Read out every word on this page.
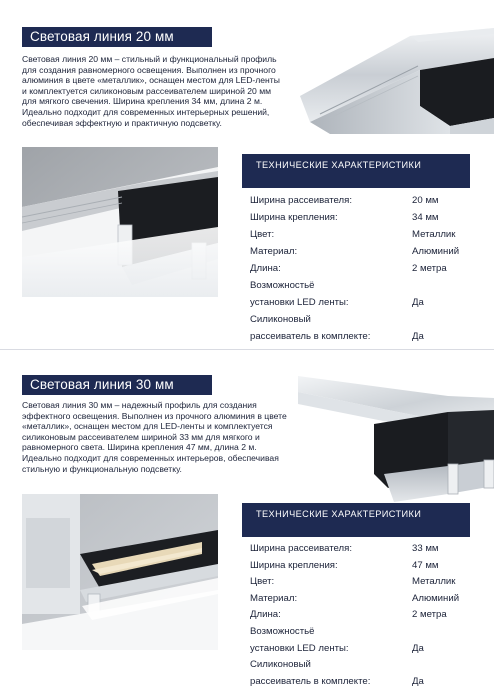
Световая линия 20 мм
Световая линия 20 мм – стильный и функциональный профиль для создания равномерного освещения. Выполнен из прочного алюминия в цвете «металлик», оснащен местом для LED-ленты и комплектуется силиконовым рассеивателем шириной 20 мм для мягкого свечения. Ширина крепления 34 мм, длина 2 м. Идеально подходит для современных интерьерных решений, обеспечивая эффектную и практичную подсветку.
ТЕХНИЧЕСКИЕ ХАРАКТЕРИСТИКИ
Ширина рассеивателя:	20 мм
Ширина крепления:	34 мм
Цвет:	Металлик
Материал:	Алюминий
Длина:	2 метра
Возможностьё
установки LED ленты:	Да
Силиконовый
рассеиватель в комплекте:	Да
Световая линия 30 мм
Световая линия 30 мм – надежный профиль для создания эффектного освещения. Выполнен из прочного алюминия в цвете «металлик», оснащен местом для LED-ленты и комплектуется силиконовым рассеивателем шириной 33 мм для мягкого и равномерного света. Ширина крепления 47 мм, длина 2 м. Идеально подходит для современных интерьеров, обеспечивая стильную и функциональную подсветку.
ТЕХНИЧЕСКИЕ ХАРАКТЕРИСТИКИ
Ширина рассеивателя:	33 мм
Ширина крепления:	47 мм
Цвет:	Металлик
Материал:	Алюминий
Длина:	2 метра
Возможностьё
установки LED ленты:	Да
Силиконовый
рассеиватель в комплекте:	Да
